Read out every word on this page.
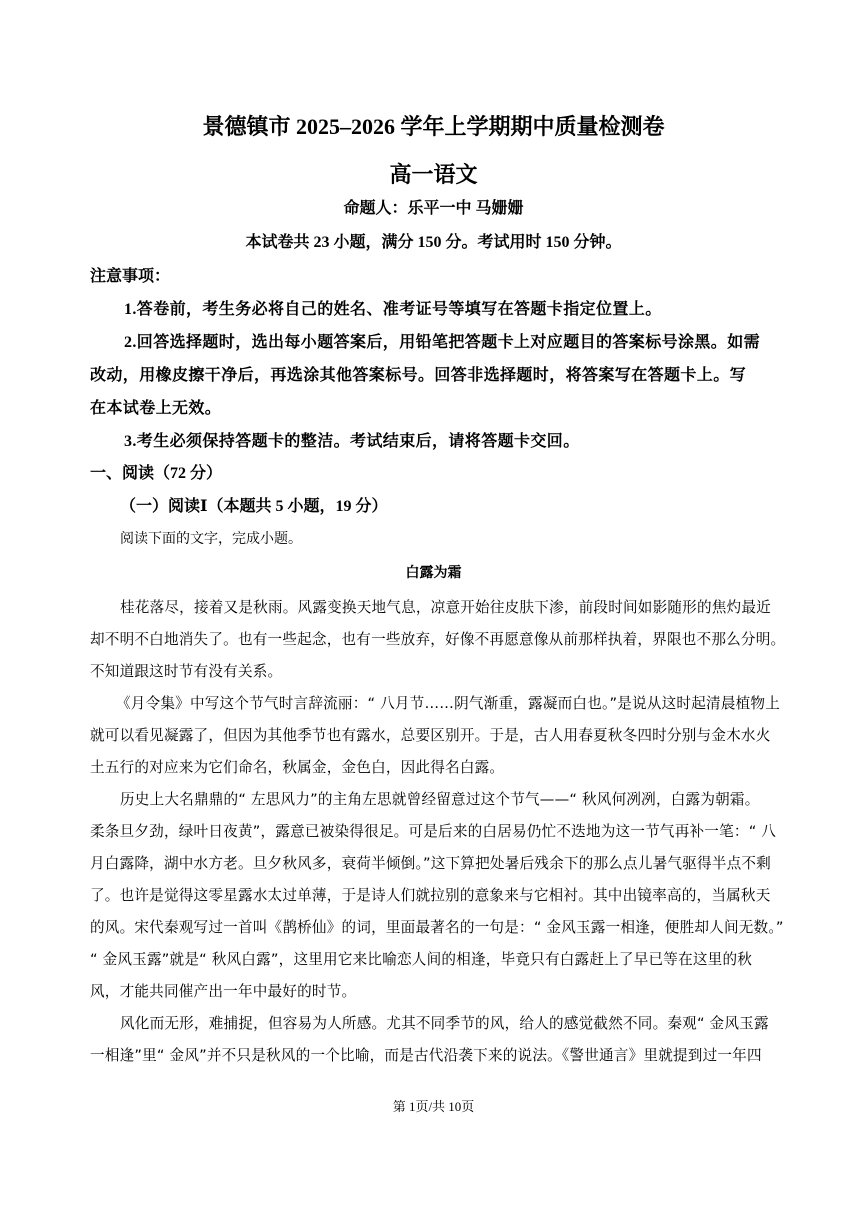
景德镇市 2025–2026 学年上学期期中质量检测卷
高一语文
命题人：乐平一中 马姗姗
本试卷共 23 小题，满分 150 分。考试用时 150 分钟。
注意事项：
1.答卷前，考生务必将自己的姓名、准考证号等填写在答题卡指定位置上。
2.回答选择题时，选出每小题答案后，用铅笔把答题卡上对应题目的答案标号涂黑。如需
改动，用橡皮擦干净后，再选涂其他答案标号。回答非选择题时，将答案写在答题卡上。写
在本试卷上无效。
3.考生必须保持答题卡的整洁。考试结束后，请将答题卡交回。
一、阅读（72 分）
（一）阅读Ⅰ（本题共 5 小题，19 分）
阅读下面的文字，完成小题。
白露为霜
桂花落尽，接着又是秋雨。风露变换天地气息，凉意开始往皮肤下渗，前段时间如影随形的焦灼最近
却不明不白地消失了。也有一些起念，也有一些放弃，好像不再愿意像从前那样执着，界限也不那么分明。
不知道跟这时节有没有关系。
《月令集》中写这个节气时言辞流丽：“ 八月节……阴气渐重，露凝而白也。”是说从这时起清晨植物上
就可以看见凝露了，但因为其他季节也有露水，总要区别开。于是，古人用春夏秋冬四时分别与金木水火
土五行的对应来为它们命名，秋属金，金色白，因此得名白露。
历史上大名鼎鼎的“ 左思风力”的主角左思就曾经留意过这个节气——“ 秋风何冽冽，白露为朝霜。
柔条旦夕劲，绿叶日夜黄”，露意已被染得很足。可是后来的白居易仍忙不迭地为这一节气再补一笔：“ 八
月白露降，湖中水方老。旦夕秋风多，衰荷半倾倒。”这下算把处暑后残余下的那么点儿暑气驱得半点不剩
了。也许是觉得这零星露水太过单薄，于是诗人们就拉别的意象来与它相衬。其中出镜率高的，当属秋天
的风。宋代秦观写过一首叫《鹊桥仙》的词，里面最著名的一句是：“ 金风玉露一相逢，便胜却人间无数。”
“ 金风玉露”就是“ 秋风白露”，这里用它来比喻恋人间的相逢，毕竟只有白露赶上了早已等在这里的秋
风，才能共同催产出一年中最好的时节。
风化而无形，难捕捉，但容易为人所感。尤其不同季节的风，给人的感觉截然不同。秦观“ 金风玉露
一相逢”里“ 金风”并不只是秋风的一个比喻，而是古代沿袭下来的说法。《警世通言》里就提到过一年四
第 1页/共 10页
